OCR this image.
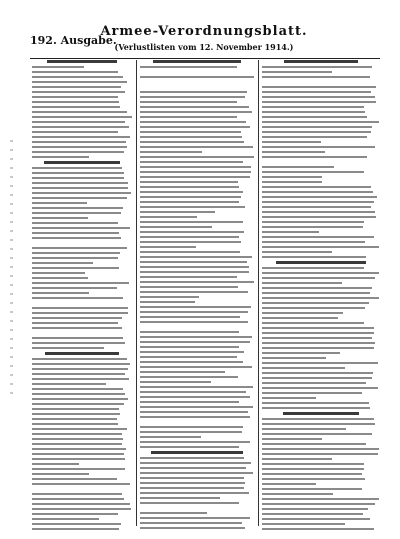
192. Ausgabe.
Armee-Verordnungsblatt.
(Verlustlisten vom 12. November 1914.)
